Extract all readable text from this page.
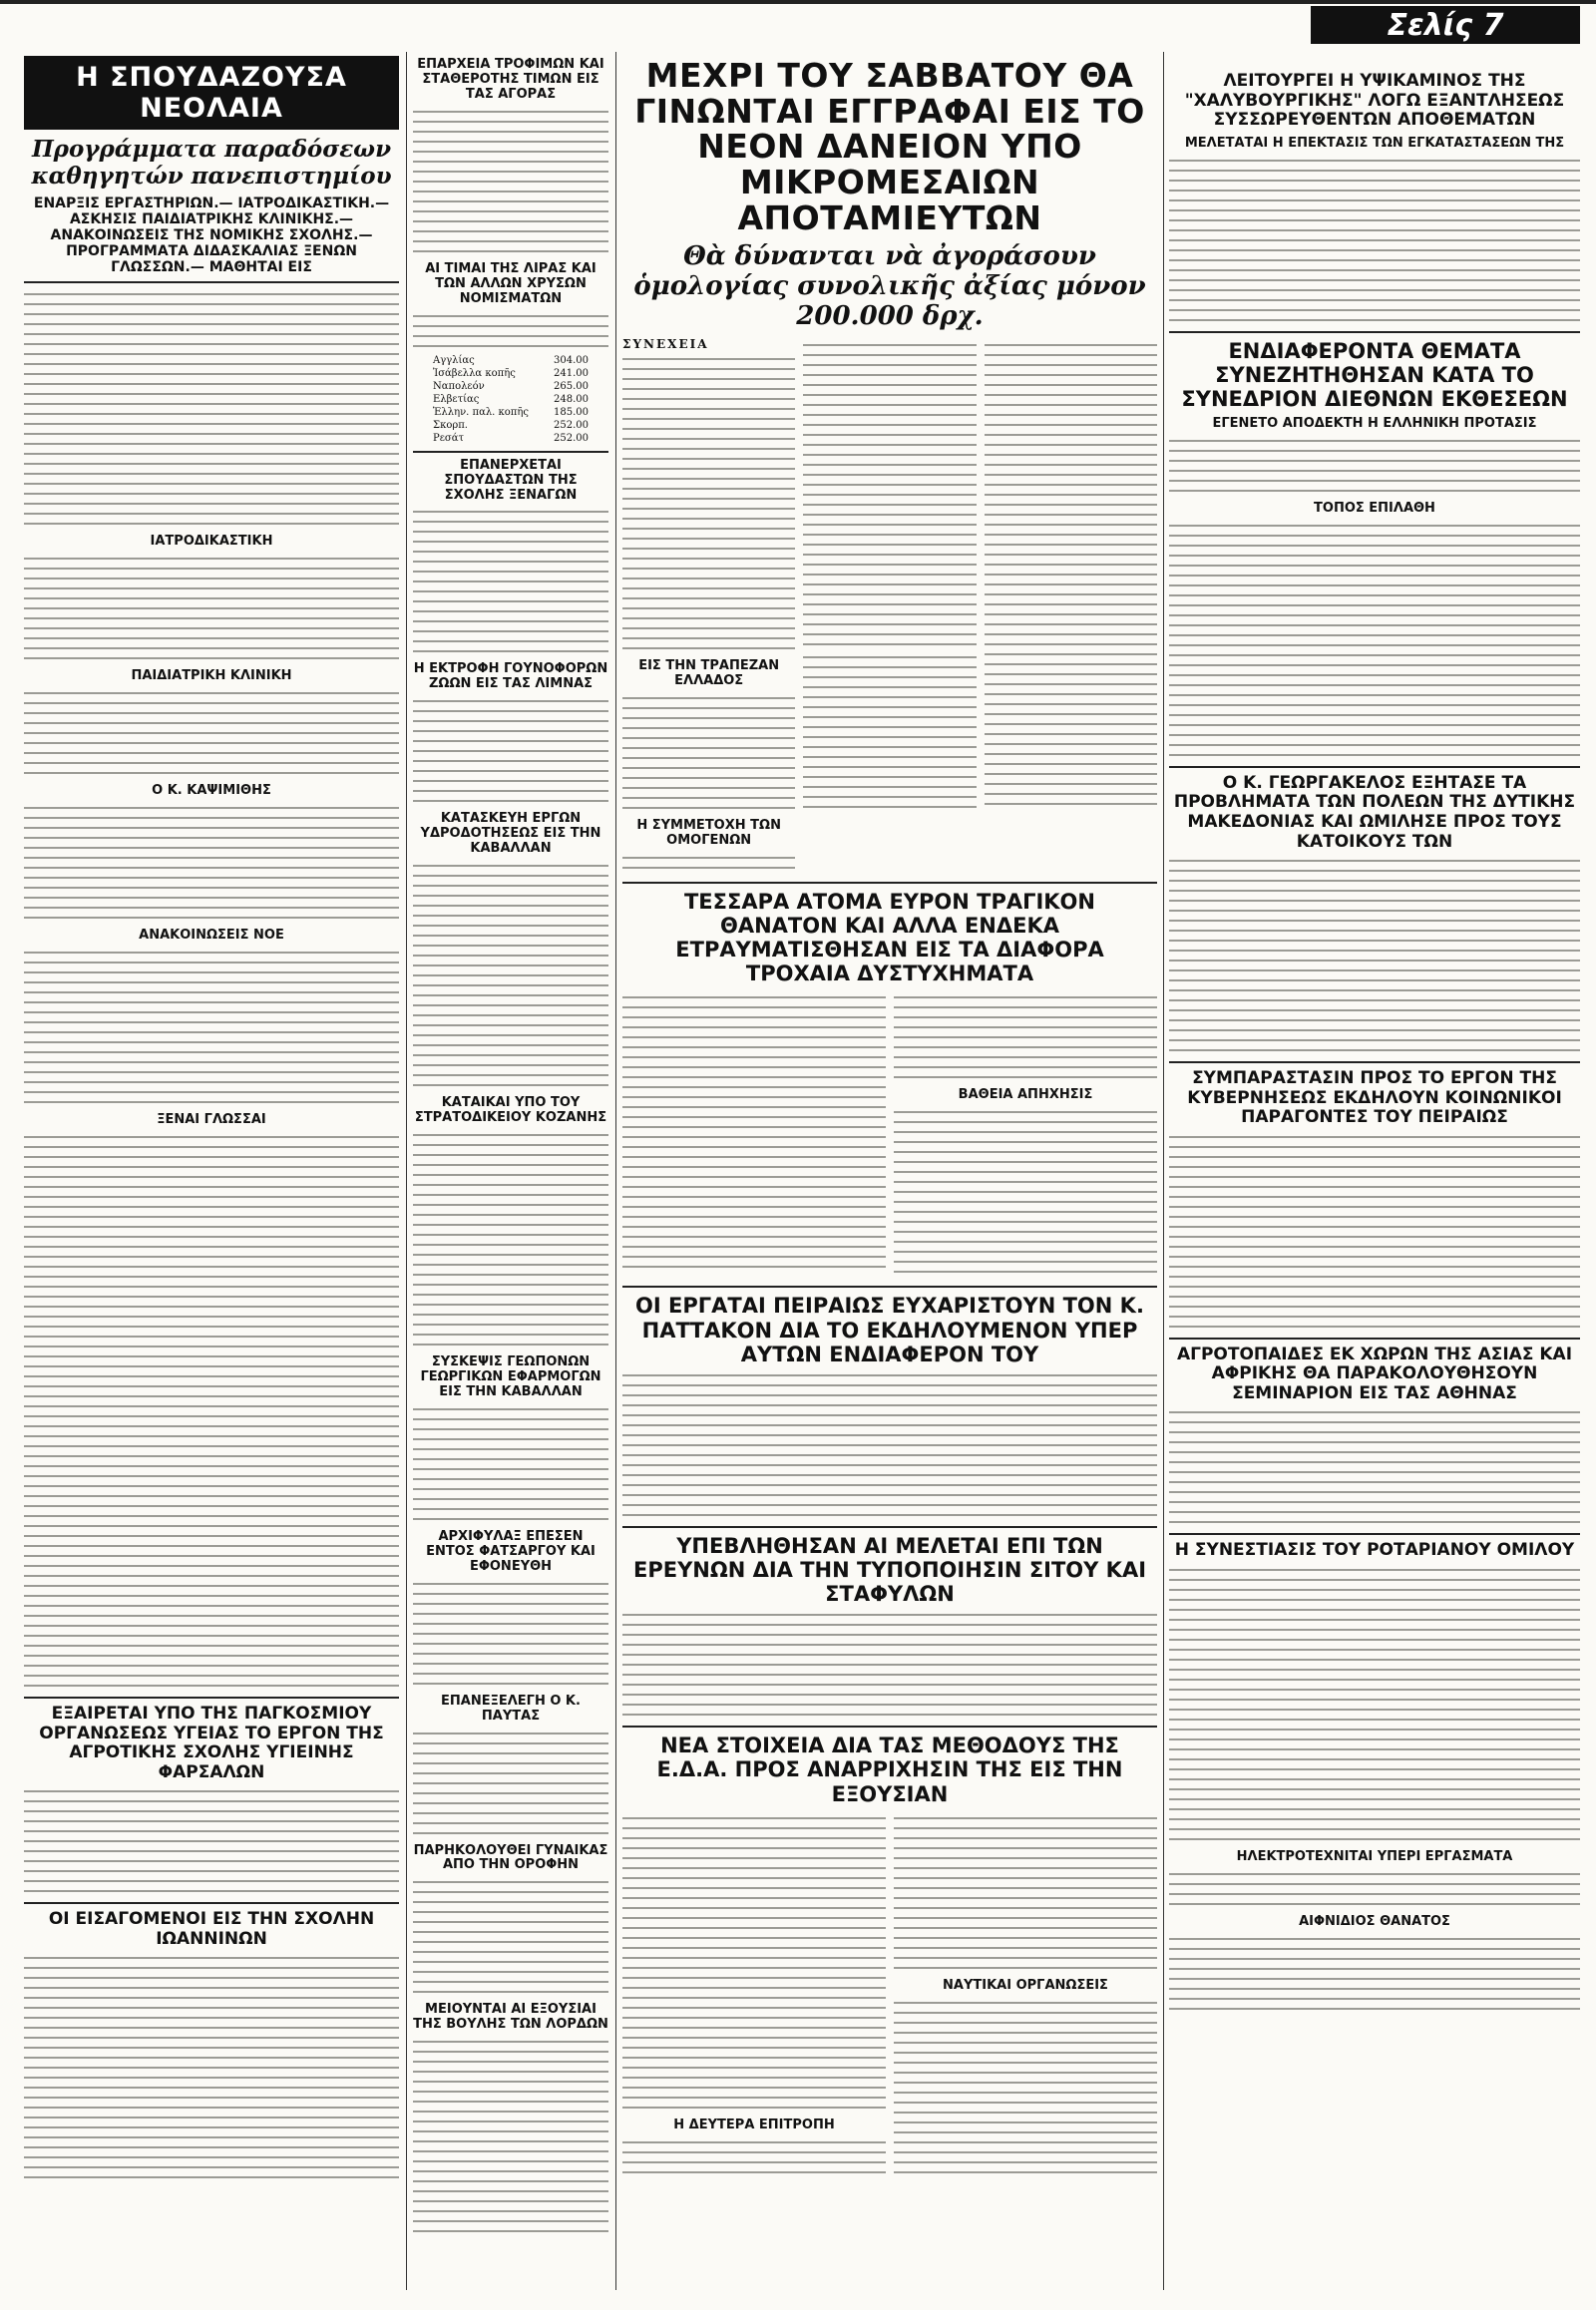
Σελίς 7
Η ΣΠΟΥΔΑΖΟΥΣΑ ΝΕΟΛΑΙΑ
Προγράμματα παραδόσεων καθηγητών πανεπιστημίου
ΕΝΑΡΞΙΣ ΕΡΓΑΣΤΗΡΙΩΝ.— ΙΑΤΡΟΔΙΚΑΣΤΙΚΗ.— ΑΣΚΗΣΙΣ ΠΑΙΔΙΑΤΡΙΚΗΣ ΚΛΙΝΙΚΗΣ.— ΑΝΑΚΟΙΝΩΣΕΙΣ ΤΗΣ ΝΟΜΙΚΗΣ ΣΧΟΛΗΣ.— ΠΡΟΓΡΑΜΜΑΤΑ ΔΙΔΑΣΚΑΛΙΑΣ ΞΕΝΩΝ ΓΛΩΣΣΩΝ.— ΜΑΘΗΤΑΙ ΕΙΣ
ΙΑΤΡΟΔΙΚΑΣΤΙΚΗ
ΠΑΙΔΙΑΤΡΙΚΗ ΚΛΙΝΙΚΗ
Ο Κ. ΚΑΨΙΜΙΘΗΣ
ΑΝΑΚΟΙΝΩΣΕΙΣ ΝΟΕ
ΞΕΝΑΙ ΓΛΩΣΣΑΙ
ΕΞΑΙΡΕΤΑΙ ΥΠΟ ΤΗΣ ΠΑΓΚΟΣΜΙΟΥ ΟΡΓΑΝΩΣΕΩΣ ΥΓΕΙΑΣ ΤΟ ΕΡΓΟΝ ΤΗΣ ΑΓΡΟΤΙΚΗΣ ΣΧΟΛΗΣ ΥΓΙΕΙΝΗΣ ΦΑΡΣΑΛΩΝ
ΟΙ ΕΙΣΑΓΟΜΕΝΟΙ ΕΙΣ ΤΗΝ ΣΧΟΛΗΝ ΙΩΑΝΝΙΝΩΝ
ΕΠΑΡΧΕΙΑ ΤΡΟΦΙΜΩΝ ΚΑΙ ΣΤΑΘΕΡΟΤΗΣ ΤΙΜΩΝ ΕΙΣ ΤΑΣ ΑΓΟΡΑΣ
ΑΙ ΤΙΜΑΙ ΤΗΣ ΛΙΡΑΣ ΚΑΙ ΤΩΝ ΑΛΛΩΝ ΧΡΥΣΩΝ ΝΟΜΙΣΜΑΤΩΝ
Αγγλίας	304.00
Ἰσάβελλα κοπῆς	241.00
Ναπολεόν	265.00
Ελβετίας	248.00
Ἑλλην. παλ. κοπῆς	185.00
Σκορπ.	252.00
Ρεσάτ	252.00
ΕΠΑΝΕΡΧΕΤΑΙ ΣΠΟΥΔΑΣΤΩΝ ΤΗΣ ΣΧΟΛΗΣ ΞΕΝΑΓΩΝ
Η ΕΚΤΡΟΦΗ ΓΟΥΝΟΦΟΡΩΝ ΖΩΩΝ ΕΙΣ ΤΑΣ ΛΙΜΝΑΣ
ΚΑΤΑΣΚΕΥΗ ΕΡΓΩΝ ΥΔΡΟΔΟΤΗΣΕΩΣ ΕΙΣ ΤΗΝ ΚΑΒΑΛΛΑΝ
ΚΑΤΑΙΚΑΙ ΥΠΟ ΤΟΥ ΣΤΡΑΤΟΔΙΚΕΙΟΥ ΚΟΖΑΝΗΣ
ΣΥΣΚΕΨΙΣ ΓΕΩΠΟΝΩΝ ΓΕΩΡΓΙΚΩΝ ΕΦΑΡΜΟΓΩΝ ΕΙΣ ΤΗΝ ΚΑΒΑΛΛΑΝ
ΑΡΧΙΦΥΛΑΞ ΕΠΕΣΕΝ ΕΝΤΟΣ ΦΑΤΣΑΡΓΟΥ ΚΑΙ ΕΦΟΝΕΥΘΗ
ΕΠΑΝΕΞΕΛΕΓΗ Ο Κ. ΠΑΥΤΑΣ
ΠΑΡΗΚΟΛΟΥΘΕΙ ΓΥΝΑΙΚΑΣ ΑΠΟ ΤΗΝ ΟΡΟΦΗΝ
ΜΕΙΟΥΝΤΑΙ ΑΙ ΕΞΟΥΣΙΑΙ ΤΗΣ ΒΟΥΛΗΣ ΤΩΝ ΛΟΡΔΩΝ
ΜΕΧΡΙ ΤΟΥ ΣΑΒΒΑΤΟΥ ΘΑ ΓΙΝΩΝΤΑΙ ΕΓΓΡΑΦΑΙ ΕΙΣ ΤΟ ΝΕΟΝ ΔΑΝΕΙΟΝ ΥΠΟ ΜΙΚΡΟΜΕΣΑΙΩΝ ΑΠΟΤΑΜΙΕΥΤΩΝ
Θὰ δύνανται νὰ ἀγοράσουν ὁμολογίας συνολικῆς ἀξίας μόνον 200.000 δρχ.
ΣΥΝΕΧΕΙΑ
ΕΙΣ ΤΗΝ ΤΡΑΠΕΖΑΝ ΕΛΛΑΔΟΣ
Η ΣΥΜΜΕΤΟΧΗ ΤΩΝ ΟΜΟΓΕΝΩΝ
ΤΕΣΣΑΡΑ ΑΤΟΜΑ ΕΥΡΟΝ ΤΡΑΓΙΚΟΝ ΘΑΝΑΤΟΝ ΚΑΙ ΑΛΛΑ ΕΝΔΕΚΑ ΕΤΡΑΥΜΑΤΙΣΘΗΣΑΝ ΕΙΣ ΤΑ ΔΙΑΦΟΡΑ ΤΡΟΧΑΙΑ ΔΥΣΤΥΧΗΜΑΤΑ
ΒΑΘΕΙΑ ΑΠΗΧΗΣΙΣ
ΟΙ ΕΡΓΑΤΑΙ ΠΕΙΡΑΙΩΣ ΕΥΧΑΡΙΣΤΟΥΝ ΤΟΝ Κ. ΠΑΤΤΑΚΟΝ ΔΙΑ ΤΟ ΕΚΔΗΛΟΥΜΕΝΟΝ ΥΠΕΡ ΑΥΤΩΝ ΕΝΔΙΑΦΕΡΟΝ ΤΟΥ
ΥΠΕΒΛΗΘΗΣΑΝ ΑΙ ΜΕΛΕΤΑΙ ΕΠΙ ΤΩΝ ΕΡΕΥΝΩΝ ΔΙΑ ΤΗΝ ΤΥΠΟΠΟΙΗΣΙΝ ΣΙΤΟΥ ΚΑΙ ΣΤΑΦΥΛΩΝ
ΝΕΑ ΣΤΟΙΧΕΙΑ ΔΙΑ ΤΑΣ ΜΕΘΟΔΟΥΣ ΤΗΣ Ε.Δ.Α. ΠΡΟΣ ΑΝΑΡΡΙΧΗΣΙΝ ΤΗΣ ΕΙΣ ΤΗΝ ΕΞΟΥΣΙΑΝ
Η ΔΕΥΤΕΡΑ ΕΠΙΤΡΟΠΗ
ΝΑΥΤΙΚΑΙ ΟΡΓΑΝΩΣΕΙΣ
ΛΕΙΤΟΥΡΓΕΙ Η ΥΨΙΚΑΜΙΝΟΣ ΤΗΣ "ΧΑΛΥΒΟΥΡΓΙΚΗΣ" ΛΟΓΩ ΕΞΑΝΤΛΗΣΕΩΣ ΣΥΣΣΩΡΕΥΘΕΝΤΩΝ ΑΠΟΘΕΜΑΤΩΝ
ΜΕΛΕΤΑΤΑΙ Η ΕΠΕΚΤΑΣΙΣ ΤΩΝ ΕΓΚΑΤΑΣΤΑΣΕΩΝ ΤΗΣ
ΕΝΔΙΑΦΕΡΟΝΤΑ ΘΕΜΑΤΑ ΣΥΝΕΖΗΤΗΘΗΣΑΝ ΚΑΤΑ ΤΟ ΣΥΝΕΔΡΙΟΝ ΔΙΕΘΝΩΝ ΕΚΘΕΣΕΩΝ
ΕΓΕΝΕΤΟ ΑΠΟΔΕΚΤΗ Η ΕΛΛΗΝΙΚΗ ΠΡΟΤΑΣΙΣ
ΤΟΠΟΣ ΕΠΙΛΑΘΗ
Ο Κ. ΓΕΩΡΓΑΚΕΛΟΣ ΕΞΗΤΑΣΕ ΤΑ ΠΡΟΒΛΗΜΑΤΑ ΤΩΝ ΠΟΛΕΩΝ ΤΗΣ ΔΥΤΙΚΗΣ ΜΑΚΕΔΟΝΙΑΣ ΚΑΙ ΩΜΙΛΗΣΕ ΠΡΟΣ ΤΟΥΣ ΚΑΤΟΙΚΟΥΣ ΤΩΝ
ΣΥΜΠΑΡΑΣΤΑΣΙΝ ΠΡΟΣ ΤΟ ΕΡΓΟΝ ΤΗΣ ΚΥΒΕΡΝΗΣΕΩΣ ΕΚΔΗΛΟΥΝ ΚΟΙΝΩΝΙΚΟΙ ΠΑΡΑΓΟΝΤΕΣ ΤΟΥ ΠΕΙΡΑΙΩΣ
ΑΓΡΟΤΟΠΑΙΔΕΣ ΕΚ ΧΩΡΩΝ ΤΗΣ ΑΣΙΑΣ ΚΑΙ ΑΦΡΙΚΗΣ ΘΑ ΠΑΡΑΚΟΛΟΥΘΗΣΟΥΝ ΣΕΜΙΝΑΡΙΟΝ ΕΙΣ ΤΑΣ ΑΘΗΝΑΣ
Η ΣΥΝΕΣΤΙΑΣΙΣ ΤΟΥ ΡΟΤΑΡΙΑΝΟΥ ΟΜΙΛΟΥ
ΗΛΕΚΤΡΟΤΕΧΝΙΤΑΙ ΥΠΕΡΙ ΕΡΓΑΣΜΑΤΑ
ΑΙΦΝΙΔΙΟΣ ΘΑΝΑΤΟΣ
